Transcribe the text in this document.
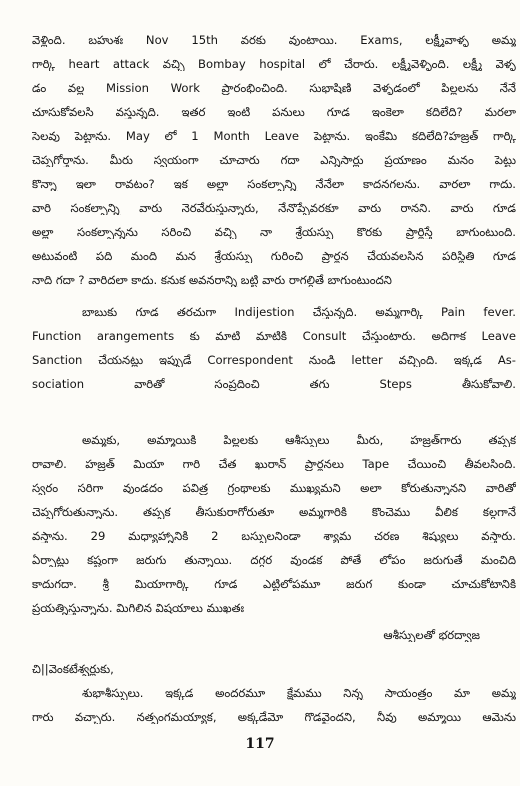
వెళ్లింది. బహుశః Nov 15th వరకు వుంటాయి. Exams, లక్ష్మీవాళ్ళ అమ్మ
గార్కి heart attack వచ్చి Bombay hospital లో చేరారు. లక్ష్మీవెళ్ళింది. లక్ష్మీ వెళ్ళ
డం వల్ల Mission Work ప్రారంభించింది. సుభాషిణి వెళ్ళడంలో పిల్లలను నేనే
చూసుకోవలసి వస్తున్నది. ఇతర ఇంటి పనులు గూడ ఇంకెలా కదిలేది? మరలా
సెలవు పెట్టాను. May లో 1 Month Leave పెట్టాను. ఇంకేమి కదిలేది?హజ్రత్ గార్కి
చెప్పగోర్తాను. మీరు స్వయంగా చూచారు గదా ఎన్నిసార్లు ప్రయాణం మనం పెట్టు
కొన్నా ఇలా రావటం? ఇక అల్లా సంకల్పాన్ని నేనేలా కాదనగలను. వారలా గాదు.
వారి సంకల్పాన్ని వారు నెరవేరుస్తున్నారు, నేనొప్పేవరకూ వారు రానని. వారు గూడ
అల్లా సంకల్పాన్నను సరించి వచ్చి నా శ్రేయస్సు కొరకు ప్రార్థిస్తే బాగుంటుంది.
అటువంటి పది మంది మన శ్రేయస్సు గురించి ప్రార్థన చేయవలసిన పరిస్థితి గూడ
నాది గదా ? వారిదలా కాదు. కనుక అవనరాన్ని బట్టి వారు రాగల్గితే బాగుంటుందని
బాబుకు గూడ తరచుగా Indijestion చేస్తున్నది. అమ్మగార్కి Pain fever.
Function arangements కు మాటి మాటికి Consult చేస్తుంటారు. అదిగాక Leave
Sanction చేయనట్లు ఇప్పుడే Correspondent నుండి letter వచ్చింది. ఇక్కడ As-
sociation వారితో సంప్రదించి తగు Steps తీసుకోవాలి.
అమ్మకు, అమ్మాయికి పిల్లలకు ఆశీస్సులు మీరు, హజ్రత్‌గారు తప్పక
రావాలి. హజ్రత్ మియా గారి చేత ఖురాన్ ప్రార్థనలు Tape చేయించి తీవలసింది.
స్వరం సరిగా వుండదం పవిత్ర గ్రంథాలకు ముఖ్యమని అలా కోరుతున్నానని వారితో
చెప్పగోరుతున్నాను. తప్పక తీసుకురాగోరుతూ అమ్మగారికి కొంచెము వీలిక కల్గగానే
వస్తాను. 29 మధ్యాహ్నానికి 2 బస్సులనిండా శ్యామ చరణ శిష్యులు వస్తారు.
ఏర్పాట్లు కష్టంగా జరుగు తున్నాయి. దగ్గర వుండక పోతే లోపం జరుగుతే మంచిది
కాదుగదా. శ్రీ మియాగార్కి గూడ ఎట్టిలోపమూ జరుగ కుండా చూచుకోటానికి
ప్రయత్నిస్తున్నాను. మిగిలిన విషయాలు ముఖతః
ఆశీస్సులతో భరద్వాజ
చి||వెంకటేశ్వర్లుకు,
శుభాశీస్సులు. ఇక్కడ అందరమూ క్షేమము నిన్న సాయంత్రం మా అమ్మ
గారు వచ్చారు. నత్సంగమయ్యాక, అక్కడేమో గొడవైందని, నీవు అమ్మాయి ఆమెను
117
